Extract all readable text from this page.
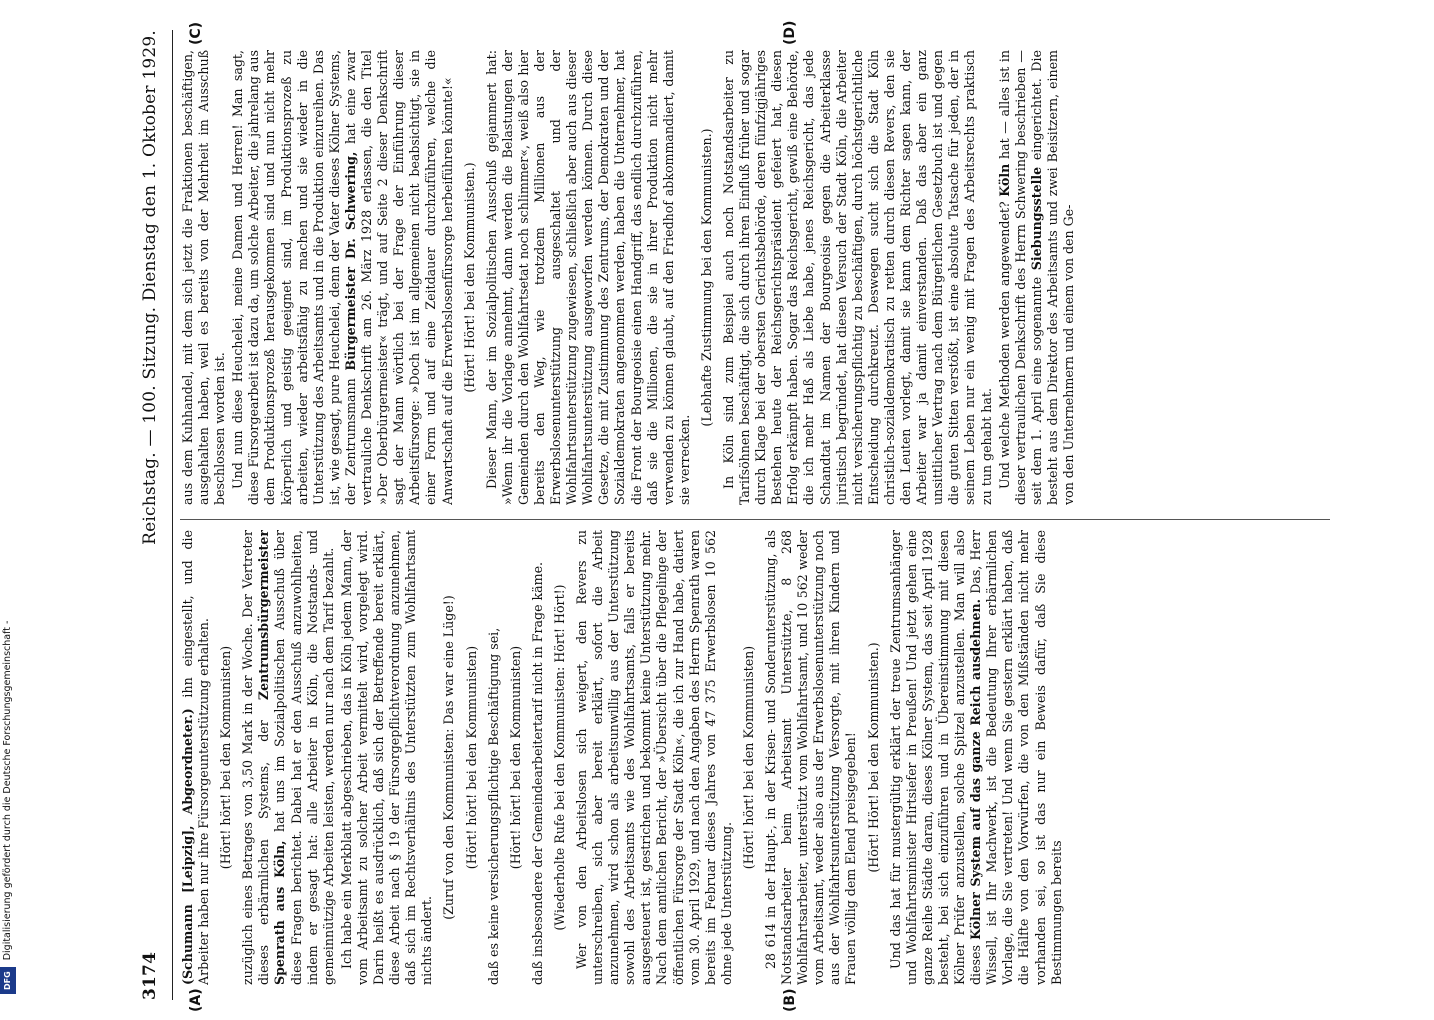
DFG Digitalisierung gefördert durch die Deutsche Forschungsgemeinschaft -
3174
Reichstag. — 100. Sitzung. Dienstag den 1. Oktober 1929.
(A)	(B)
(C)	(D)

(Schumann [Leipzig], Abgeordneter.) ihn eingestellt, und die Arbeiter haben nur ihre Fürsorgeunterstützung erhalten. (Hört! hört! bei den Kommunisten) zuzüglich eines Betrages von 3,50 Mark in der Woche. Der Vertreter dieses erbärmlichen Systems, der Zentrumsbürgermeister Spenrath aus Köln, hat uns im Sozialpolitischen Ausschuß über diese Fragen berichtet. Dabei hat er den Ausschuß anzuwohlheiten, indem er gesagt hat: alle Arbeiter in Köln, die Notstands- und gemeinnützige Arbeiten leisten, werden nur nach dem Tarif bezahlt. Ich habe ein Merkblatt abgeschrieben, das in Köln jedem Mann, der vom Arbeitsamt zu solcher Arbeit vermittelt wird, vorgelegt wird. Darin heißt es ausdrücklich, daß sich der Betreffende bereit erklärt, diese Arbeit nach § 19 der Fürsorgepflichtverordnung anzunehmen, daß sich im Rechtsverhältnis des Unterstützten zum Wohlfahrtsamt nichts ändert.

(Zuruf von den Kommunisten: Das war eine Lüge!) (Hört! hört! bei den Kommunisten) daß es keine versicherungspflichtige Beschäftigung sei, (Hört! hört! bei den Kommunisten) daß insbesondere der Gemeindearbeitertarif nicht in Frage käme. (Wiederholte Rufe bei den Kommunisten: Hört! Hört!) Wer von den Arbeitslosen sich weigert, den Revers zu unterschreiben, sich aber bereit erklärt, sofort die Arbeit anzunehmen, wird schon als arbeitsunwillig aus der Unterstützung sowohl des Arbeitsamts wie des Wohlfahrtsamts, falls er bereits ausgesteuert ist, gestrichen und bekommt keine Unterstützung mehr. Nach dem amtlichen Bericht, der »Übersicht über die Pflegelinge der öffentlichen Fürsorge der Stadt Köln«, die ich zur Hand habe, datiert vom 30. April 1929, und nach den Angaben des Herrn Spenrath waren bereits im Februar dieses Jahres von 47 375 Erwerbslosen 10 562 ohne jede Unterstützung.

(Hört! hört! bei den Kommunisten) 28 614 in der Haupt-, in der Krisen- und Sonderunterstützung, als Notstandsarbeiter beim Arbeitsamt Unterstützte, 8 268 Wohlfahrtsarbeiter, unterstützt vom Wohlfahrtsamt, und 10 562 weder vom Arbeitsamt, weder also aus der Erwerbslosenunterstützung noch aus der Wohlfahrtsunterstützung Versorgte, mit ihren Kindern und Frauen völlig dem Elend preisgegeben! (Hört! Hört! bei den Kommunisten.) Und das hat für mustergültig erklärt der treue Zentrumsanhänger und Wohlfahrtsminister Hirtsiefer in Preußen! Und jetzt gehen eine ganze Reihe Städte daran, dieses Kölner System, das seit April 1928 besteht, bei sich einzuführen und in Übereinstimmung mit diesen Kölner Prüfer anzustellen, solche Spitzel anzustellen. Man will also dieses Kölner System auf das ganze Reich ausdehnen. Das, Herr Wissell, ist Ihr Machwerk, ist die Bedeutung Ihrer erbärmlichen Vorlage, die Sie vertreten! Und wenn Sie gestern erklärt haben, daß die Hälfte von den Vorwürfen, die von den Mißständen nicht mehr vorhanden sei, so ist das nur ein Beweis dafür, daß Sie diese Bestimmungen bereits

aus dem Kuhhandel, mit dem sich jetzt die Fraktionen beschäftigen, ausgehalten haben, weil es bereits von der Mehrheit im Ausschuß beschlossen worden ist. Und nun diese Heuchelei, meine Damen und Herren! Man sagt, diese Fürsorgearbeit ist dazu da, um solche Arbeiter, die jahrelang aus dem Produktionsprozeß herausgekommen sind und nun nicht mehr körperlich und geistig geeignet sind, im Produktionsprozeß zu arbeiten, wieder arbeitsfähig zu machen und sie wieder in die Unterstützung des Arbeitsamts und in die Produktion einzureihen. Das ist, wie gesagt, pure Heuchelei, denn der Vater dieses Kölner Systems, der Zentrumsmann Bürgermeister Dr. Schwering, hat eine zwar vertrauliche Denkschrift am 26. März 1928 erlassen, die den Titel »Der Oberbürgermeister« trägt, und auf Seite 2 dieser Denkschrift sagt der Mann wörtlich bei der Frage der Einführung dieser Arbeitsfürsorge: »Doch ist im allgemeinen nicht beabsichtigt, sie in einer Form und auf eine Zeitdauer durchzuführen, welche die Anwartschaft auf die Erwerbslosenfürsorge herbeiführen könnte!« (Hört! Hört! bei den Kommunisten.) Dieser Mann, der im Sozialpolitischen Ausschuß gejammert hat: »Wenn ihr die Vorlage annehmt, dann werden die Belastungen der Gemeinden durch den Wohlfahrtsetat noch schlimmer«, weiß also hier bereits den Weg, wie trotzdem Millionen aus der Erwerbslosenunterstützung ausgeschaltet und der Wohlfahrtsunterstützung zugewiesen, schließlich aber auch aus dieser Wohlfahrtsunterstützung ausgeworfen werden können. Durch diese Gesetze, die mit Zustimmung des Zentrums, der Demokraten und der Sozialdemokraten angenommen werden, haben die Unternehmer, hat die Front der Bourgeoisie einen Handgriff, das endlich durchzuführen, daß sie die Millionen, die sie in ihrer Produktion nicht mehr verwenden zu können glaubt, auf den Friedhof abkommandiert, damit sie verrecken.

(Lebhafte Zustimmung bei den Kommunisten.) In Köln sind zum Beispiel auch noch Notstandsarbeiter zu Tarifsöhnen beschäftigt, die sich durch ihren Einfluß früher und sogar durch Klage bei der obersten Gerichtsbehörde, deren fünfzigjähriges Bestehen heute der Reichsgerichtspräsident gefeiert hat, diesen Erfolg erkämpft haben. Sogar das Reichsgericht, gewiß eine Behörde, die ich mehr Haß als Liebe habe, jenes Reichsgericht, das jede Schandtat im Namen der Bourgeoisie gegen die Arbeiterklasse juristisch begründet, hat diesen Versuch der Stadt Köln, die Arbeiter nicht versicherungspflichtig zu beschäftigen, durch höchstgerichtliche Entscheidung durchkreuzt. Deswegen sucht sich die Stadt Köln christlich-sozialdemokratisch zu retten durch diesen Revers, den sie den Leuten vorlegt, damit sie kann dem Richter sagen kann, der Arbeiter war ja damit einverstanden. Daß das aber ein ganz unsittlicher Vertrag nach dem Bürgerlichen Gesetzbuch ist und gegen die guten Sitten verstößt, ist eine absolute Tatsache für jeden, der in seinem Leben nur ein wenig mit Fragen des Arbeitsrechts praktisch zu tun gehabt hat. Und welche Methoden werden angewendet? Köln hat — alles ist in dieser vertraulichen Denkschrift des Herrn Schwering beschrieben — seit dem 1. April eine sogenannte Siebungsstelle eingerichtet. Die besteht aus dem Direktor des Arbeitsamts und zwei Beisitzern, einem von den Unternehmern und einem von den Ge-
